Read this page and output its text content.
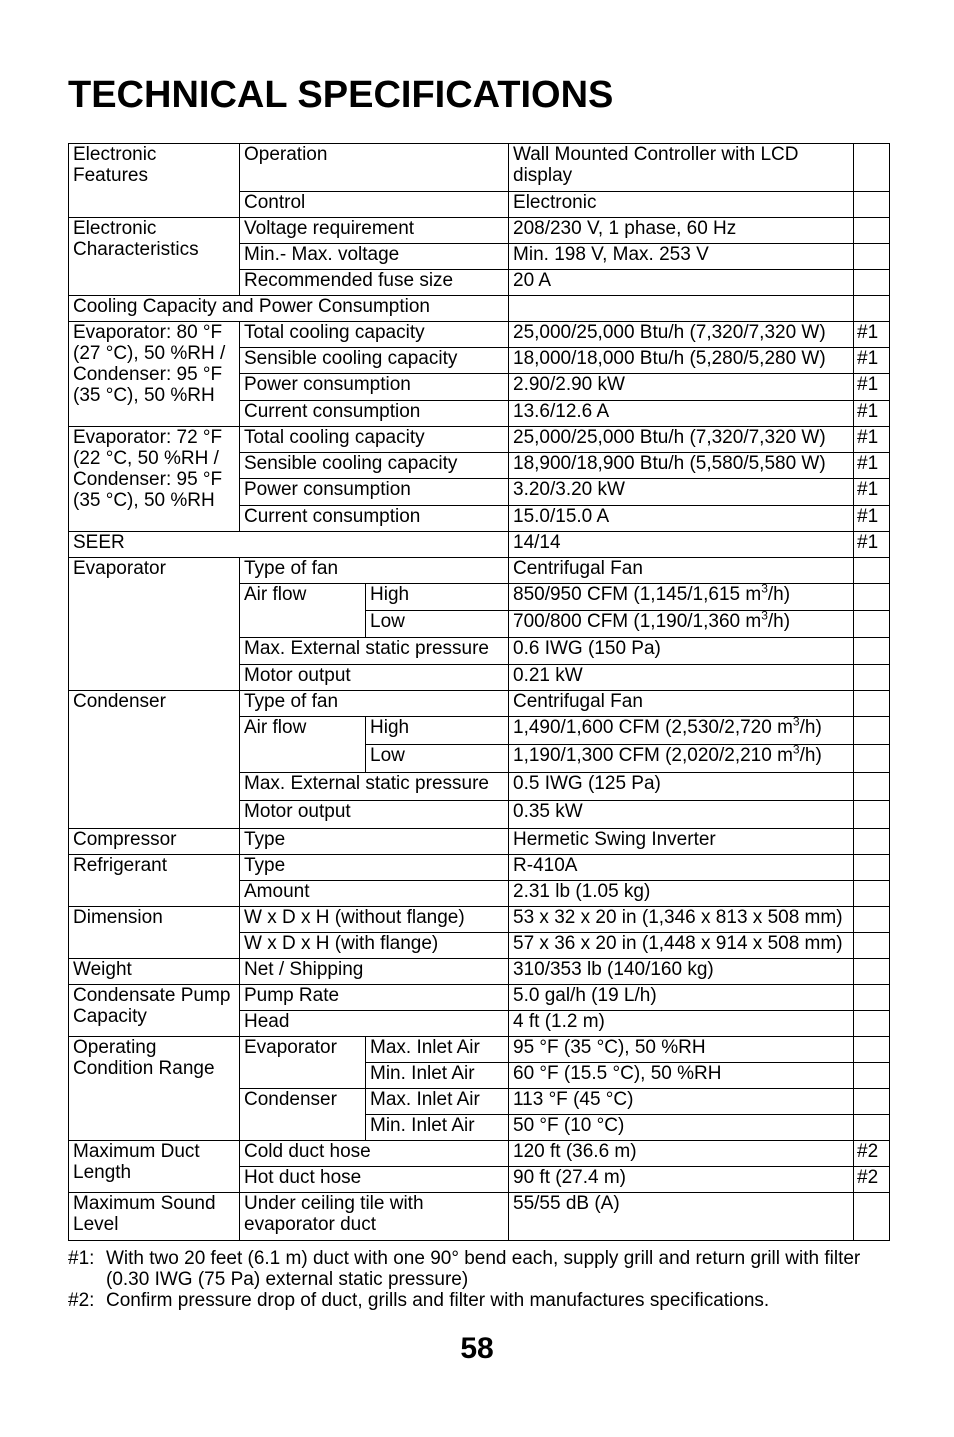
TECHNICAL SPECIFICATIONS
Electronic Features	Operation		Wall Mounted Controller with LCD display	
	Control		Electronic	
Electronic Characteristics	Voltage requirement		208/230 V, 1 phase, 60 Hz	
	Min.- Max. voltage		Min. 198 V, Max. 253 V	
	Recommended fuse size		20 A	
Cooling Capacity and Power Consumption				
Evaporator: 80 °F (27 °C), 50 %RH / Condenser: 95 °F (35 °C), 50 %RH	Total cooling capacity		25,000/25,000 Btu/h (7,320/7,320 W)	#1
	Sensible cooling capacity		18,000/18,000 Btu/h (5,280/5,280 W)	#1
	Power consumption		2.90/2.90 kW	#1
	Current consumption		13.6/12.6 A	#1
Evaporator: 72 °F (22 °C, 50 %RH / Condenser: 95 °F (35 °C), 50 %RH	Total cooling capacity		25,000/25,000 Btu/h (7,320/7,320 W)	#1
	Sensible cooling capacity		18,900/18,900 Btu/h (5,580/5,580 W)	#1
	Power consumption		3.20/3.20 kW	#1
	Current consumption		15.0/15.0 A	#1
SEER			14/14	#1
Evaporator	Type of fan		Centrifugal Fan	
	Air flow	High	850/950 CFM (1,145/1,615 $m^3/h$)	
		Low	700/800 CFM (1,190/1,360 $m^3/h$)	
	Max. External static pressure		0.6 IWG (150 Pa)	
	Motor output		0.21 kW	
Condenser	Type of fan		Centrifugal Fan	
	Air flow	High	1,490/1,600 CFM (2,530/2,720 $m^3/h$)	
		Low	1,190/1,300 CFM (2,020/2,210 $m^3/h$)	
	Max. External static pressure		0.5 IWG (125 Pa)	
	Motor output		0.35 kW	
Compressor	Type		Hermetic Swing Inverter	
Refrigerant	Type		R-410A	
	Amount		2.31 lb (1.05 kg)	
Dimension	W x D x H (without flange)		53 x 32 x 20 in (1,346 x 813 x 508 mm)	
	W x D x H (with flange)		57 x 36 x 20 in (1,448 x 914 x 508 mm)	
Weight	Net / Shipping		310/353 lb (140/160 kg)	
Condensate Pump Capacity	Pump Rate		5.0 gal/h (19 L/h)	
	Head		4 ft (1.2 m)	
Operating Condition Range	Evaporator	Max. Inlet Air	95 °F (35 °C), 50 %RH	
		Min. Inlet Air	60 °F (15.5 °C), 50 %RH	
	Condenser	Max. Inlet Air	113 °F (45 °C)	
		Min. Inlet Air	50 °F (10 °C)	
Maximum Duct Length	Cold duct hose		120 ft (36.6 m)	#2
	Hot duct hose		90 ft (27.4 m)	#2
Maximum Sound Level	Under ceiling tile with evaporator duct		55/55 dB (A)	
#1: With two 20 feet (6.1 m) duct with one 90° bend each, supply grill and return grill with filter (0.30 IWG (75 Pa) external static pressure)
#2: Confirm pressure drop of duct, grills and filter with manufactures specifications.
58
